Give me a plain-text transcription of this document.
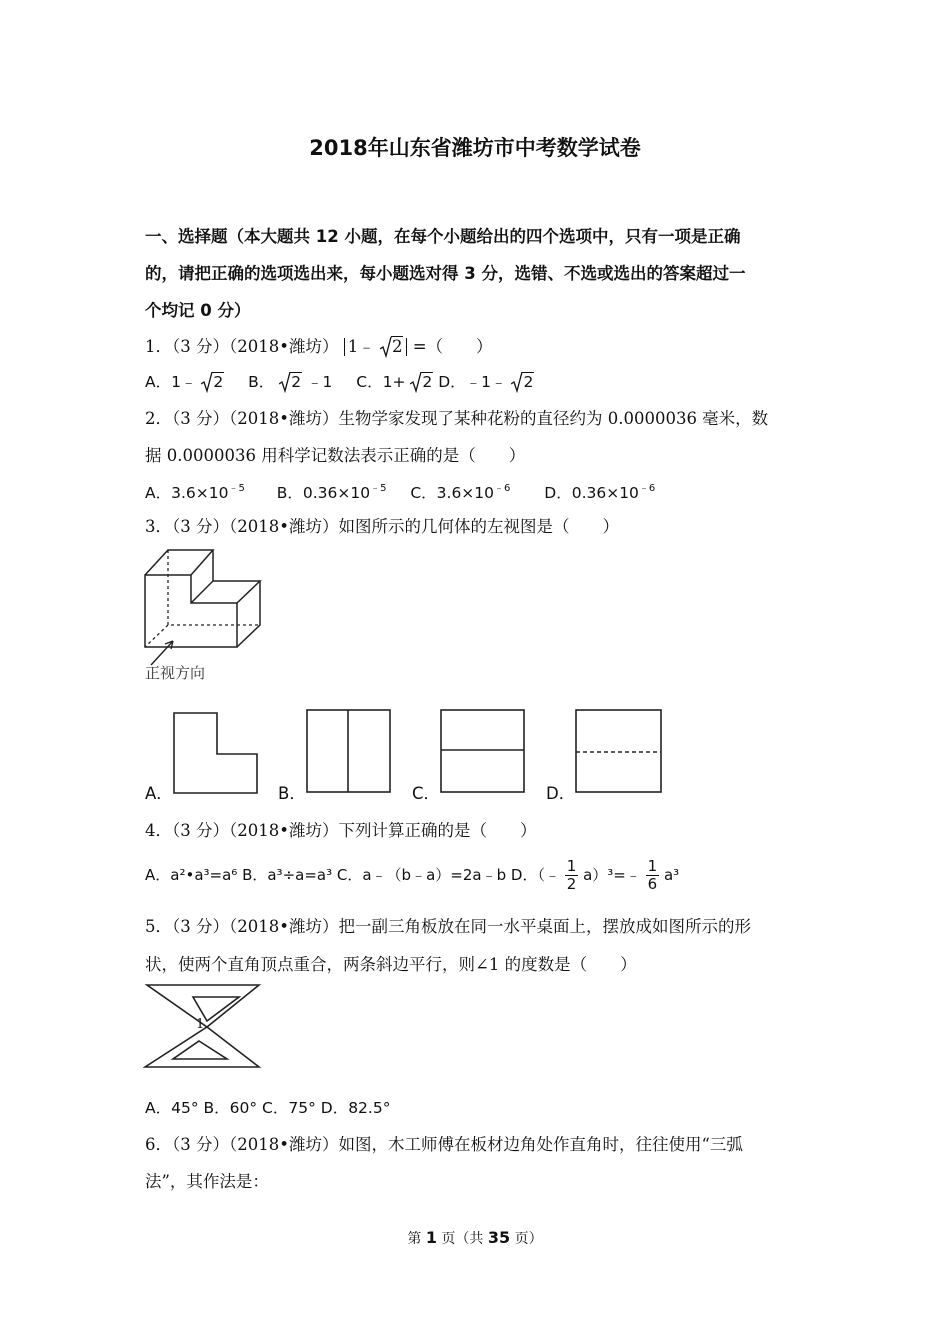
2018年山东省潍坊市中考数学试卷
一、选择题（本大题共 12 小题，在每个小题给出的四个选项中，只有一项是正确
的，请把正确的选项选出来，每小题选对得 3 分，选错、不选或选出的答案超过一
个均记 0 分）
1．（3 分）（2018•潍坊） 1﹣ 2 =（　　）
A．1﹣ 2 B． 2 ﹣1 C．1+ 2 D．﹣1﹣ 2
2．（3 分）（2018•潍坊）生物学家发现了某种花粉的直径约为 0.0000036 毫米，数
据 0.0000036 用科学记数法表示正确的是（　　）
A．$3.6\times 10^{﹣5}$ B．$0.36\times 10^{﹣5}$ C．$3.6\times 10^{﹣6}$ D．$0.36\times 10^{﹣6}$
3．（3 分）（2018•潍坊）如图所示的几何体的左视图是（　　）
正视方向
A．	B．	C．	D．
4．（3 分）（2018•潍坊）下列计算正确的是（　　）
A．a²•a³=a⁶ B．a³÷a=a³ C．a﹣（b﹣a）=2a﹣b D．（﹣ $\frac{1}{2}$ a）³=﹣ $\frac{1}{6} a^3$
5．（3 分）（2018•潍坊）把一副三角板放在同一水平桌面上，摆放成如图所示的形
状，使两个直角顶点重合，两条斜边平行，则∠1 的度数是（　　）
1
A．45° B．60° C．75° D．82.5°
6．（3 分）（2018•潍坊）如图，木工师傅在板材边角处作直角时，往往使用“三弧
法”，其作法是：
第 1 页（共 35 页）
